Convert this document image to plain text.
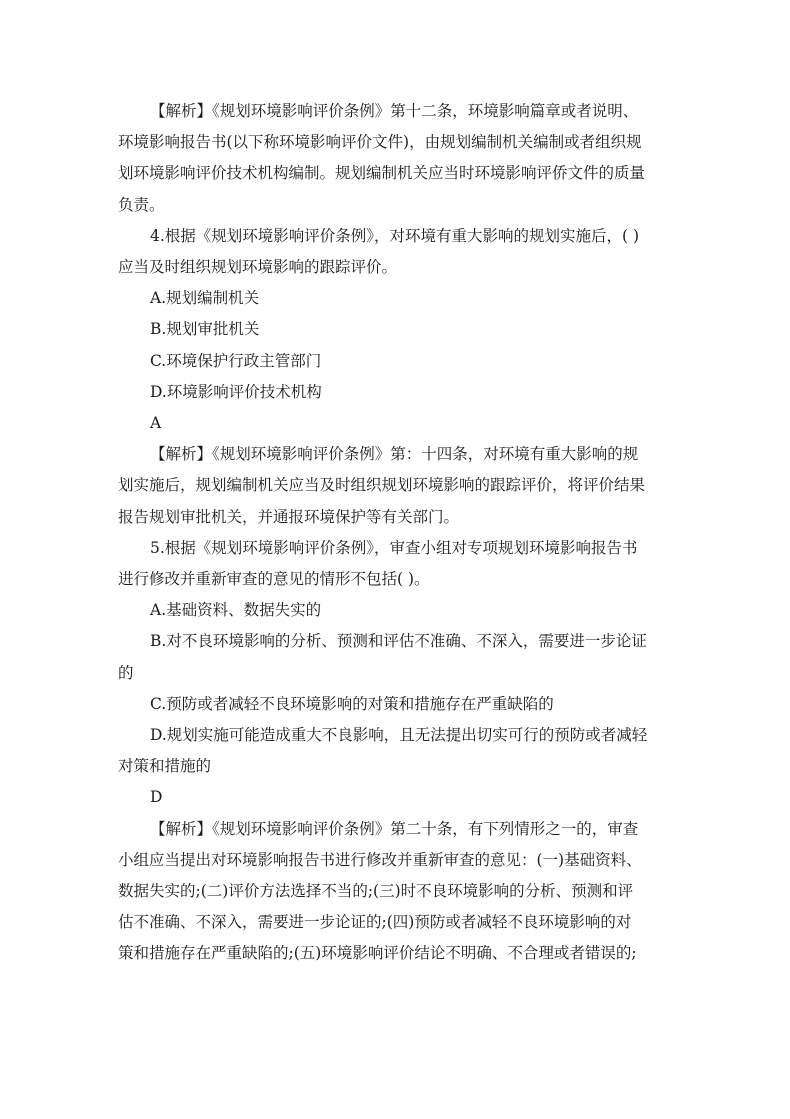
【解析】《规划环境影响评价条例》第十二条，环境影响篇章或者说明、
环境影响报告书(以下称环境影响评价文件)，由规划编制机关编制或者组织规
划环境影响评价技术机构编制。规划编制机关应当时环境影响评侨文件的质量
负责。
4.根据《规划环境影响评价条例》，对环境有重大影响的规划实施后，( )
应当及时组织规划环境影响的跟踪评价。

A.规划编制机关

B.规划审批机关

C.环境保护行政主管部门

D.环境影响评价技术机构

A

【解析】《规划环境影响评价条例》第：十四条，对环境有重大影响的规
划实施后，规划编制机关应当及时组织规划环境影响的跟踪评价，将评价结果
报告规划审批机关，并通报环境保护等有关部门。
5.根据《规划环境影响评价条例》，审查小组对专项规划环境影响报告书
进行修改并重新审查的意见的情形不包括( )。

A.基础资料、数据失实的

B.对不良环境影响的分析、预测和评估不准确、不深入，需要进一步论证
的

C.预防或者减轻不良环境影响的对策和措施存在严重缺陷的

D.规划实施可能造成重大不良影响，且无法提出切实可行的预防或者减轻
对策和措施的

D

【解析】《规划环境影响评价条例》第二十条，有下列情形之一的，审查
小组应当提出对环境影响报告书进行修改并重新审查的意见：(一)基础资料、
数据失实的;(二)评价方法选择不当的;(三)时不良环境影响的分析、预测和评
估不准确、不深入，需要进一步论证的;(四)预防或者减轻不良环境影响的对
策和措施存在严重缺陷的;(五)环境影响评价结论不明确、不合理或者错误的;
